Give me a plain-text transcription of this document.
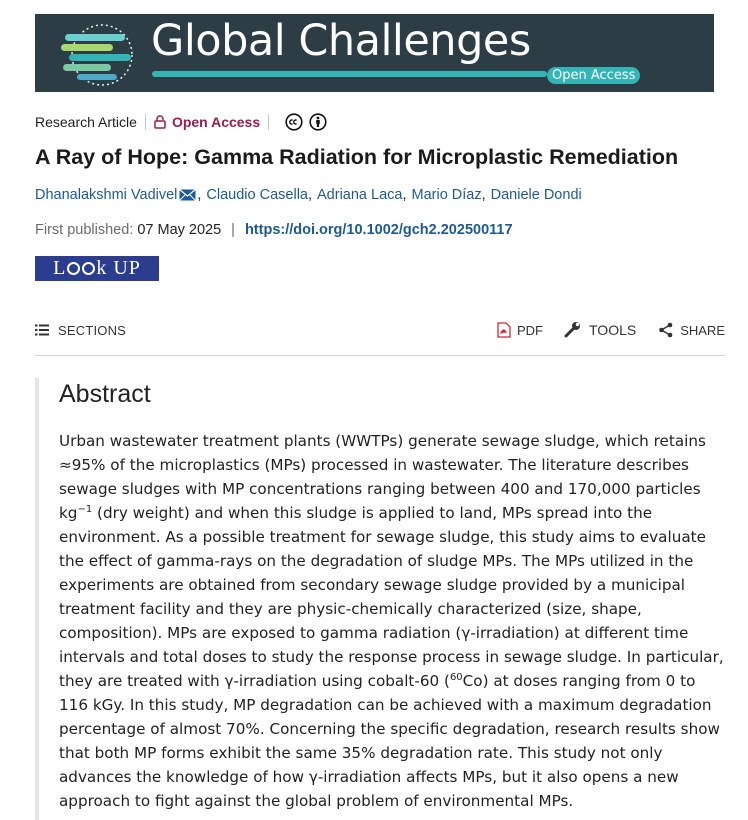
Global Challenges
Open Access
Research Article	Open Access
A Ray of Hope: Gamma Radiation for Microplastic Remediation
Dhanalakshmi Vadivel , Claudio Casella , Adriana Laca , Mario Díaz , Daniele Dondi
First published: 07 May 2025 | https://doi.org/10.1002/gch2.202500117
L k UP
SECTIONS	PDF	TOOLS	SHARE
Abstract

Urban wastewater treatment plants (WWTPs) generate sewage sludge, which retains ≈95% of the microplastics (MPs) processed in wastewater. The literature describes sewage sludges with MP concentrations ranging between 400 and 170,000 particles $kg^{-1}$ (dry weight) and when this sludge is applied to land, MPs spread into the environment. As a possible treatment for sewage sludge, this study aims to evaluate the effect of gamma-rays on the degradation of sludge MPs. The MPs utilized in the experiments are obtained from secondary sewage sludge provided by a municipal treatment facility and they are physic-chemically characterized (size, shape, composition). MPs are exposed to gamma radiation (γ-irradiation) at different time intervals and total doses to study the response process in sewage sludge. In particular, they are treated with γ-irradiation using cobalt-60 ($^{60}$Co) at doses ranging from 0 to 116 kGy. In this study, MP degradation can be achieved with a maximum degradation percentage of almost 70%. Concerning the specific degradation, research results show that both MP forms exhibit the same 35% degradation rate. This study not only advances the knowledge of how γ-irradiation affects MPs, but it also opens a new approach to fight against the global problem of environmental MPs.
